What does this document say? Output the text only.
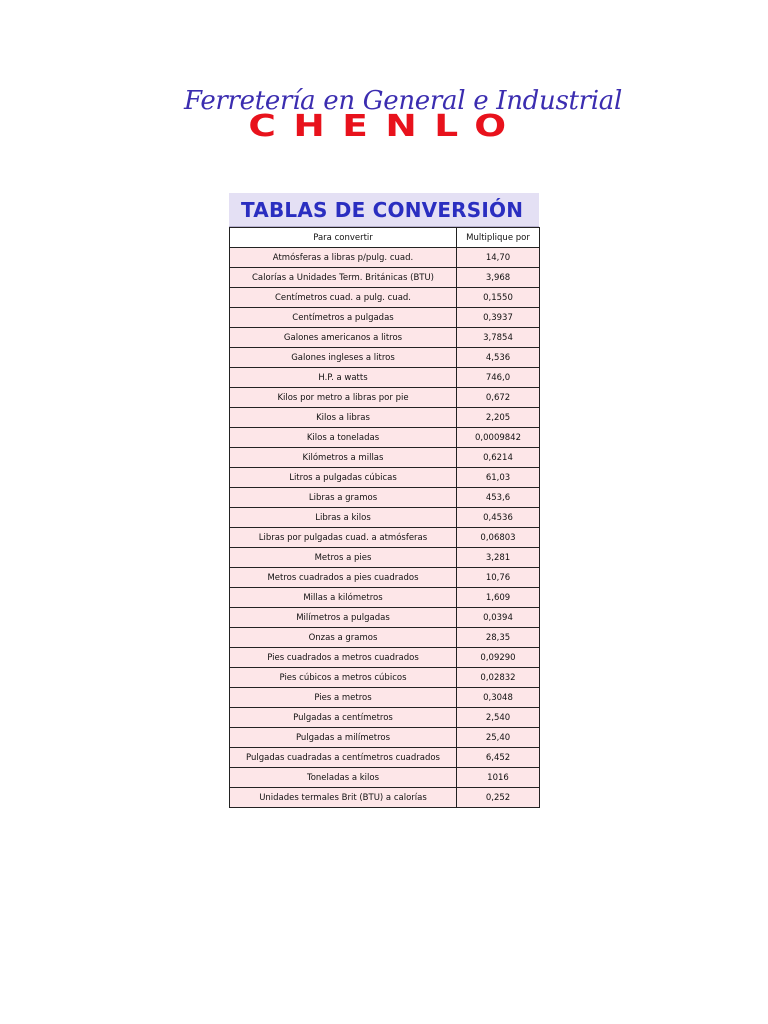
Ferretería en General e Industrial
CHENLO
TABLAS DE CONVERSIÓN
Para convertir	Multiplique por
Atmósferas a libras p/pulg. cuad.	14,70
Calorías a Unidades Term. Británicas (BTU)	3,968
Centímetros cuad. a pulg. cuad.	0,1550
Centímetros a pulgadas	0,3937
Galones americanos a litros	3,7854
Galones ingleses a litros	4,536
H.P. a watts	746,0
Kilos por metro a libras por pie	0,672
Kilos a libras	2,205
Kilos a toneladas	0,0009842
Kilómetros a millas	0,6214
Litros a pulgadas cúbicas	61,03
Libras a gramos	453,6
Libras a kilos	0,4536
Libras por pulgadas cuad. a atmósferas	0,06803
Metros a pies	3,281
Metros cuadrados a pies cuadrados	10,76
Millas a kilómetros	1,609
Milímetros a pulgadas	0,0394
Onzas a gramos	28,35
Pies cuadrados a metros cuadrados	0,09290
Pies cúbicos a metros cúbicos	0,02832
Pies a metros	0,3048
Pulgadas a centímetros	2,540
Pulgadas a milímetros	25,40
Pulgadas cuadradas a centímetros cuadrados	6,452
Toneladas a kilos	1016
Unidades termales Brit (BTU) a calorías	0,252
